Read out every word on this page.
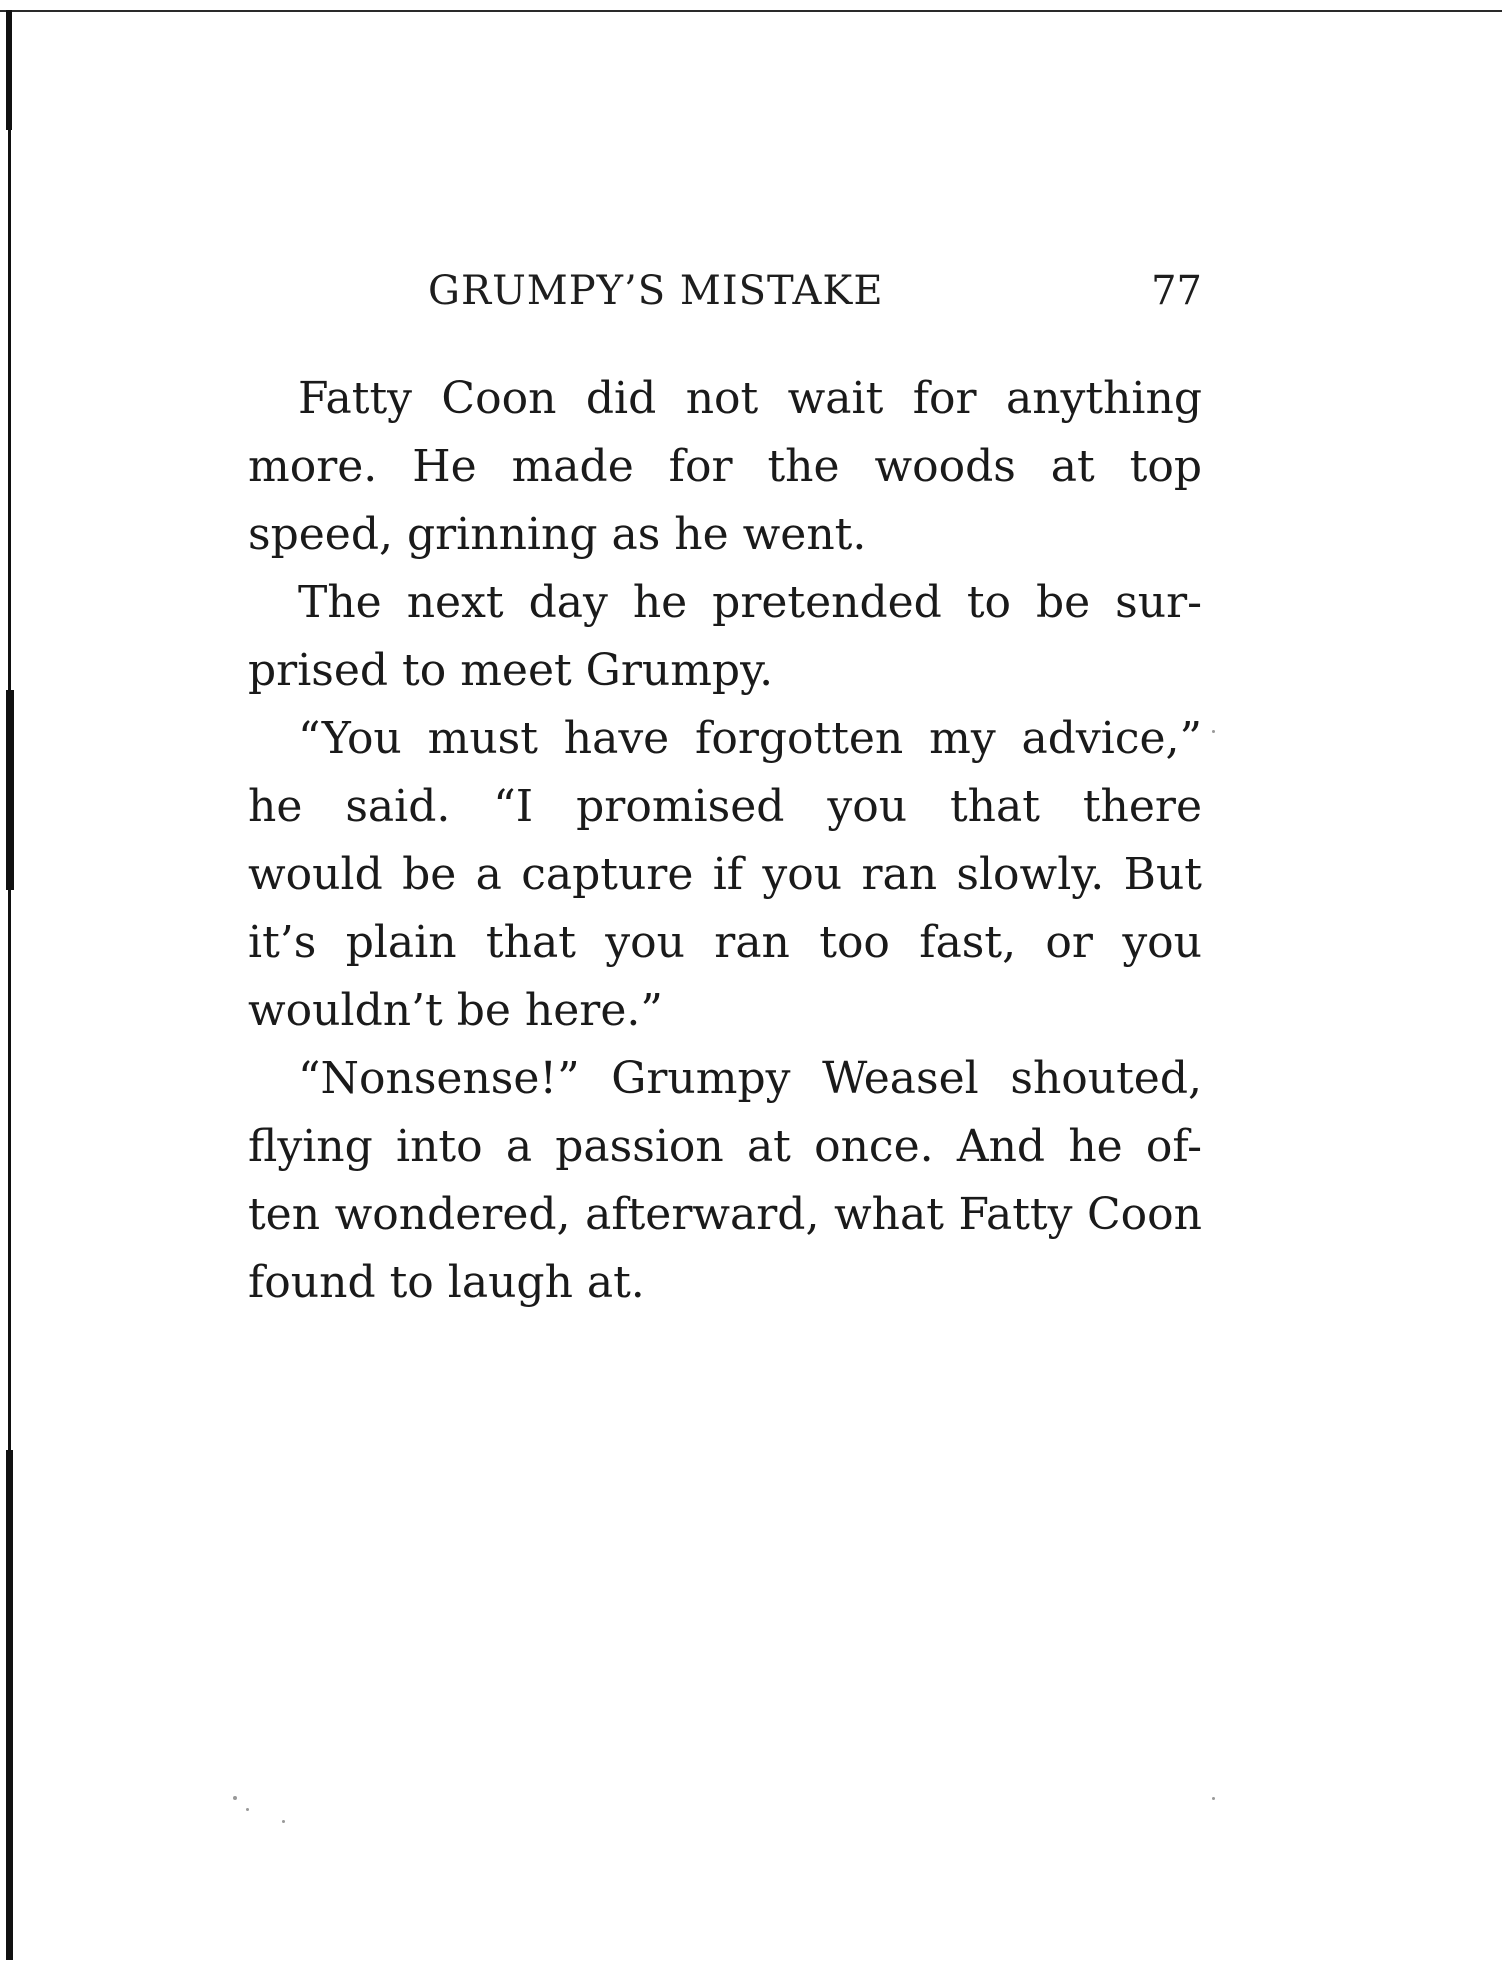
GRUMPY’S MISTAKE	77
Fatty Coon did not wait for anything
more. He made for the woods at top
speed, grinning as he went.
The next day he pretended to be sur-
prised to meet Grumpy.
“You must have forgotten my advice,”
he said. “I promised you that there
would be a capture if you ran slowly. But
it’s plain that you ran too fast, or you
wouldn’t be here.”
“Nonsense!” Grumpy Weasel shouted,
flying into a passion at once. And he of-
ten wondered, afterward, what Fatty Coon
found to laugh at.
